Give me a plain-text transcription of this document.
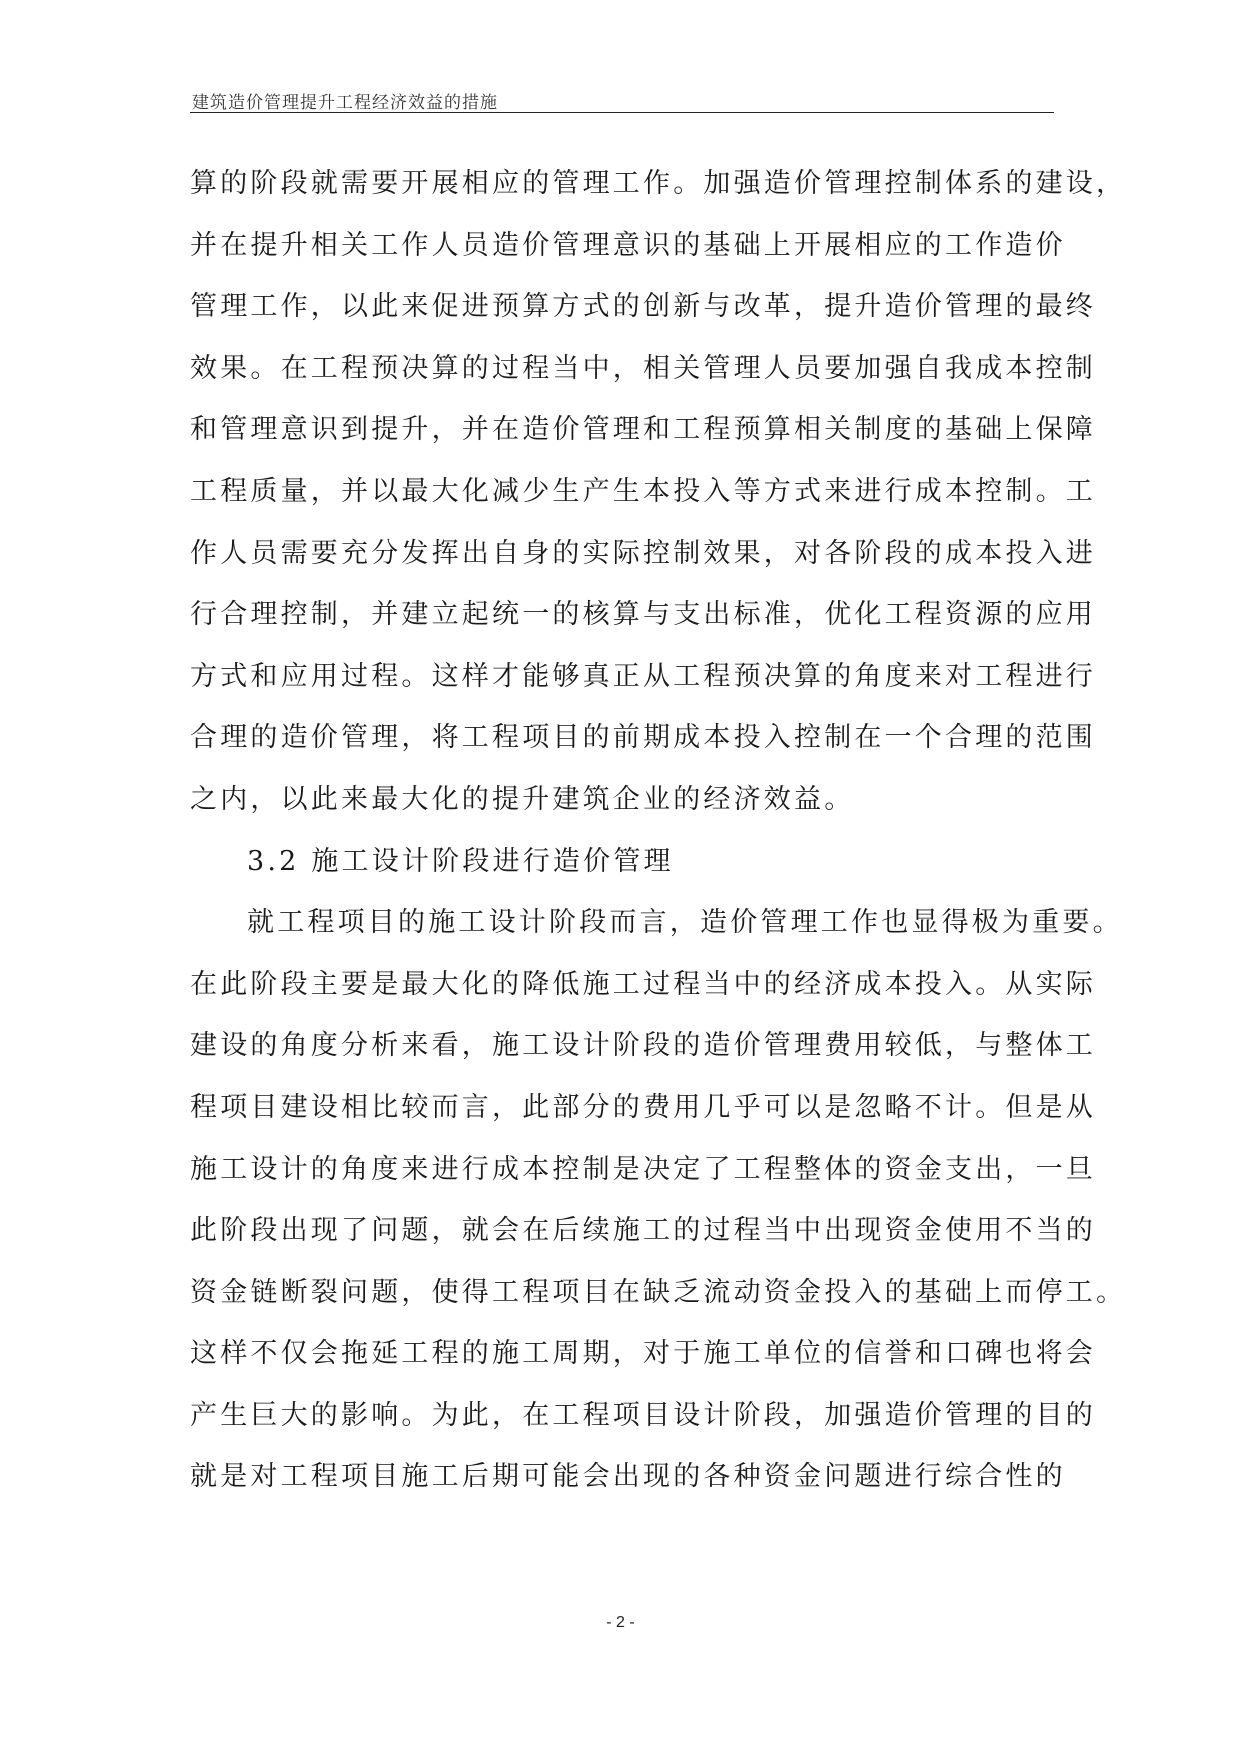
建筑造价管理提升工程经济效益的措施
算的阶段就需要开展相应的管理工作。加强造价管理控制体系的建设，
并在提升相关工作人员造价管理意识的基础上开展相应的工作造价
管理工作，以此来促进预算方式的创新与改革，提升造价管理的最终
效果。在工程预决算的过程当中，相关管理人员要加强自我成本控制
和管理意识到提升，并在造价管理和工程预算相关制度的基础上保障
工程质量，并以最大化减少生产生本投入等方式来进行成本控制。工
作人员需要充分发挥出自身的实际控制效果，对各阶段的成本投入进
行合理控制，并建立起统一的核算与支出标准，优化工程资源的应用
方式和应用过程。这样才能够真正从工程预决算的角度来对工程进行
合理的造价管理，将工程项目的前期成本投入控制在一个合理的范围
之内，以此来最大化的提升建筑企业的经济效益。
3.2 施工设计阶段进行造价管理
就工程项目的施工设计阶段而言，造价管理工作也显得极为重要。
在此阶段主要是最大化的降低施工过程当中的经济成本投入。从实际
建设的角度分析来看，施工设计阶段的造价管理费用较低，与整体工
程项目建设相比较而言，此部分的费用几乎可以是忽略不计。但是从
施工设计的角度来进行成本控制是决定了工程整体的资金支出，一旦
此阶段出现了问题，就会在后续施工的过程当中出现资金使用不当的
资金链断裂问题，使得工程项目在缺乏流动资金投入的基础上而停工。
这样不仅会拖延工程的施工周期，对于施工单位的信誉和口碑也将会
产生巨大的影响。为此，在工程项目设计阶段，加强造价管理的目的
就是对工程项目施工后期可能会出现的各种资金问题进行综合性的
- 2 -
